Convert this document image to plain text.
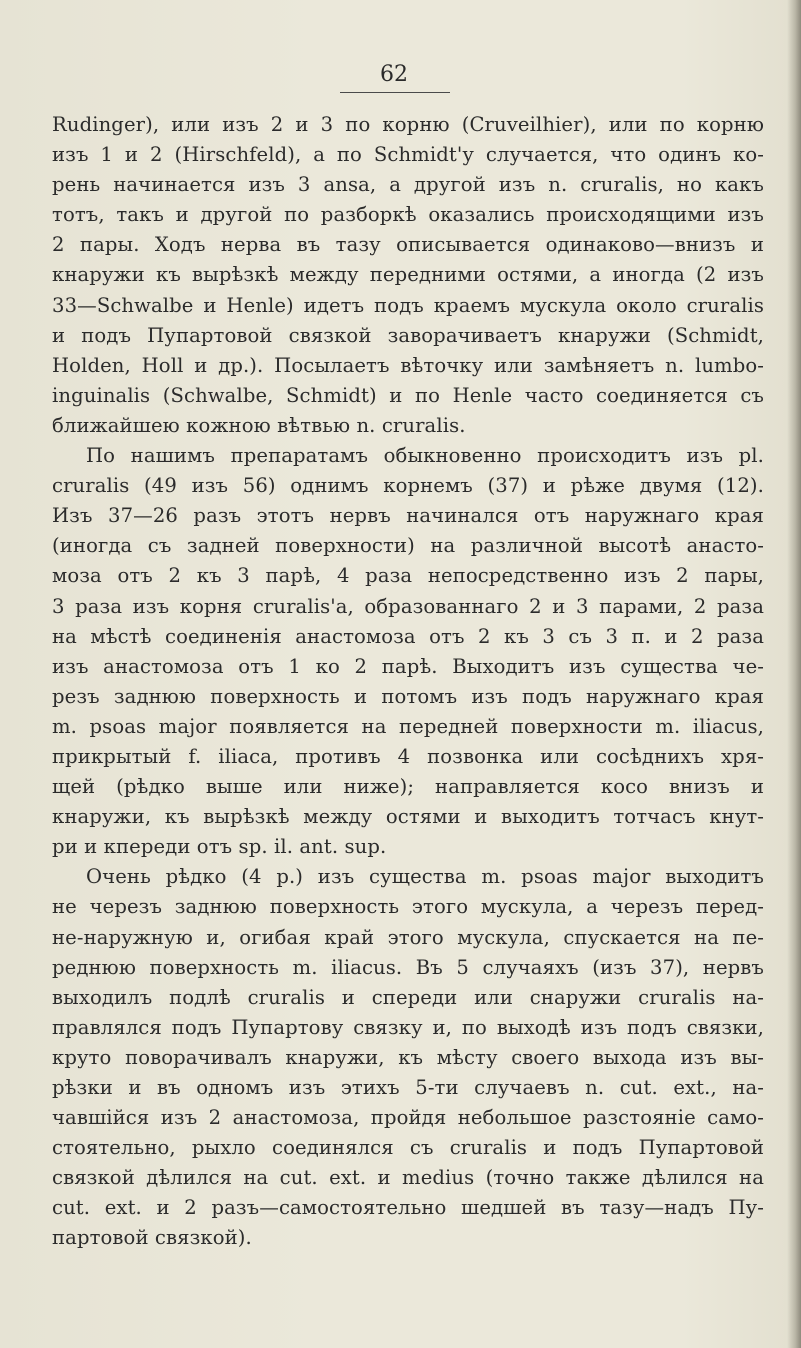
62
Rudinger), или изъ 2 и 3 по корню (Cruveilhier), или по корню
изъ 1 и 2 (Hirschfeld), а по Schmidt'у случается, что одинъ ко-
рень начинается изъ 3 ansa, а другой изъ n. cruralis, но какъ
тотъ, такъ и другой по разборкѣ оказались происходящими изъ
2 пары. Ходъ нерва въ тазу описывается одинаково—внизъ и
кнаружи къ вырѣзкѣ между передними остями, а иногда (2 изъ
33—Schwalbe и Henle) идетъ подъ краемъ мускула около cruralis
и подъ Пупартовой связкой заворачиваетъ кнаружи (Schmidt,
Holden, Holl и др.). Посылаетъ вѣточку или замѣняетъ n. lumbo-
inguinalis (Schwalbe, Schmidt) и по Henle часто соединяется съ
ближайшею кожною вѣтвью n. cruralis.
По нашимъ препаратамъ обыкновенно происходитъ изъ pl.
cruralis (49 изъ 56) однимъ корнемъ (37) и рѣже двумя (12).
Изъ 37—26 разъ этотъ нервъ начинался отъ наружнаго края
(иногда съ задней поверхности) на различной высотѣ анасто-
моза отъ 2 къ 3 парѣ, 4 раза непосредственно изъ 2 пары,
3 раза изъ корня cruralis'а, образованнаго 2 и 3 парами, 2 раза
на мѣстѣ соединенія анастомоза отъ 2 къ 3 съ 3 п. и 2 раза
изъ анастомоза отъ 1 ко 2 парѣ. Выходитъ изъ существа че-
резъ заднюю поверхность и потомъ изъ подъ наружнаго края
m. psoas major появляется на передней поверхности m. iliacus,
прикрытый f. iliaca, противъ 4 позвонка или сосѣднихъ хря-
щей (рѣдко выше или ниже); направляется косо внизъ и
кнаружи, къ вырѣзкѣ между остями и выходитъ тотчасъ кнут-
ри и кпереди отъ sp. il. ant. sup.
Очень рѣдко (4 р.) изъ существа m. psoas major выходитъ
не черезъ заднюю поверхность этого мускула, а черезъ перед-
не-наружную и, огибая край этого мускула, спускается на пе-
реднюю поверхность m. iliacus. Въ 5 случаяхъ (изъ 37), нервъ
выходилъ подлѣ cruralis и спереди или снаружи cruralis на-
правлялся подъ Пупартову связку и, по выходѣ изъ подъ связки,
круто поворачивалъ кнаружи, къ мѣсту своего выхода изъ вы-
рѣзки и въ одномъ изъ этихъ 5-ти случаевъ n. cut. ext., на-
чавшійся изъ 2 анастомоза, пройдя небольшое разстояніе само-
стоятельно, рыхло соединялся съ cruralis и подъ Пупартовой
связкой дѣлился на cut. ext. и medius (точно также дѣлился на
cut. ext. и 2 разъ—самостоятельно шедшей въ тазу—надъ Пу-
партовой связкой).
